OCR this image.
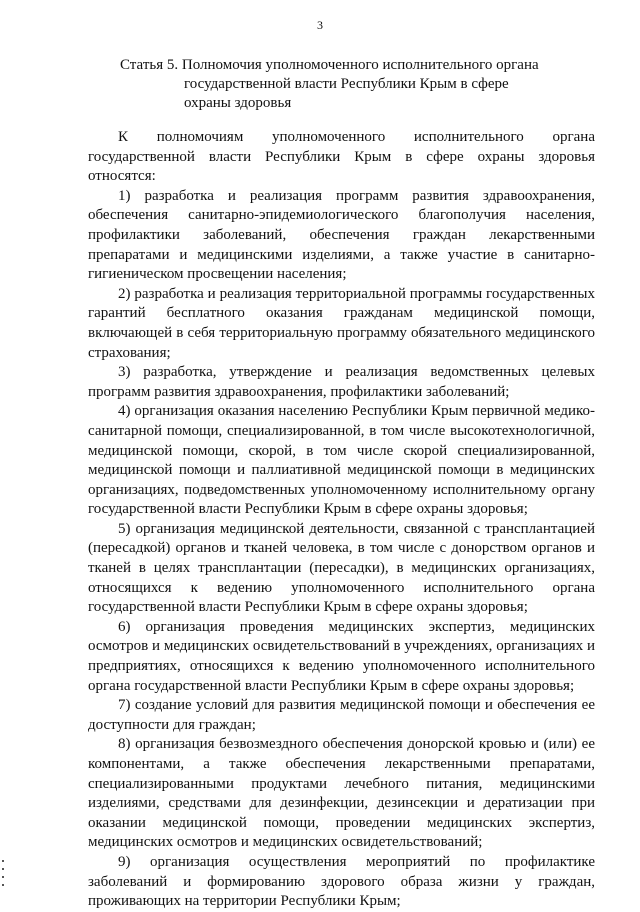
3
Статья 5. Полномочия уполномоченного исполнительного органа
государственной власти Республики Крым в сфере
охраны здоровья

К полномочиям уполномоченного исполнительного органа государственной власти Республики Крым в сфере охраны здоровья относятся:

1) разработка и реализация программ развития здравоохранения, обеспечения санитарно-эпидемиологического благополучия населения, профилактики заболеваний, обеспечения граждан лекарственными препаратами и медицинскими изделиями, а также участие в санитарно-гигиеническом просвещении населения;

2) разработка и реализация территориальной программы государственных гарантий бесплатного оказания гражданам медицинской помощи, включающей в себя территориальную программу обязательного медицинского страхования;

3) разработка, утверждение и реализация ведомственных целевых программ развития здравоохранения, профилактики заболеваний;

4) организация оказания населению Республики Крым первичной медико-санитарной помощи, специализированной, в том числе высокотехнологичной, медицинской помощи, скорой, в том числе скорой специализированной, медицинской помощи и паллиативной медицинской помощи в медицинских организациях, подведомственных уполномоченному исполнительному органу государственной власти Республики Крым в сфере охраны здоровья;

5) организация медицинской деятельности, связанной с трансплантацией (пересадкой) органов и тканей человека, в том числе с донорством органов и тканей в целях трансплантации (пересадки), в медицинских организациях, относящихся к ведению уполномоченного исполнительного органа государственной власти Республики Крым в сфере охраны здоровья;

6) организация проведения медицинских экспертиз, медицинских осмотров и медицинских освидетельствований в учреждениях, организациях и предприятиях, относящихся к ведению уполномоченного исполнительного органа государственной власти Республики Крым в сфере охраны здоровья;

7) создание условий для развития медицинской помощи и обеспечения ее доступности для граждан;

8) организация безвозмездного обеспечения донорской кровью и (или) ее компонентами, а также обеспечения лекарственными препаратами, специализированными продуктами лечебного питания, медицинскими изделиями, средствами для дезинфекции, дезинсекции и дератизации при оказании медицинской помощи, проведении медицинских экспертиз, медицинских осмотров и медицинских освидетельствований;

9) организация осуществления мероприятий по профилактике заболеваний и формированию здорового образа жизни у граждан, проживающих на территории Республики Крым;
